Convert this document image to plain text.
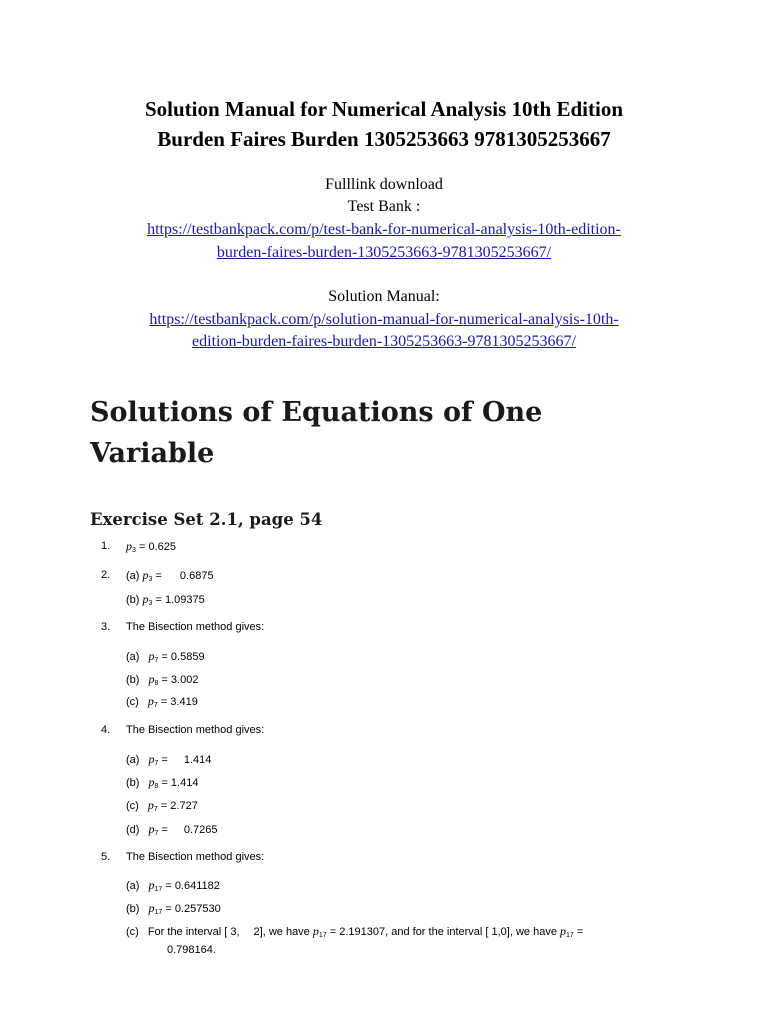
Solution Manual for Numerical Analysis 10th Edition
Burden Faires Burden 1305253663 9781305253667
Fulllink download
Test Bank :
https://testbankpack.com/p/test-bank-for-numerical-analysis-10th-edition-
burden-faires-burden-1305253663-9781305253667/
Solution Manual:
https://testbankpack.com/p/solution-manual-for-numerical-analysis-10th-
edition-burden-faires-burden-1305253663-9781305253667/
Solutions of Equations of One
Variable
Exercise Set 2.1, page 54
1. $p_3 = 0.625$
2. (a) $p_3 = 0.6875$
(b) $p_3 = 1.09375$
3. The Bisection method gives:
(a) $p_7 = 0.5859$
(b) $p_8 = 3.002$
(c) $p_7 = 3.419$
4. The Bisection method gives:
(a) $p_7 = 1.414$
(b) $p_8 = 1.414$
(c) $p_7 = 2.727$
(d) $p_7 = 0.7265$
5. The Bisection method gives:
(a) $p_{17} = 0.641182$
(b) $p_{17} = 0.257530$
(c) For the interval [ 3, 2], we have $p_{17} = 2.191307$, and for the interval [ 1,0], we have $p_{17}$ =
0.798164.
